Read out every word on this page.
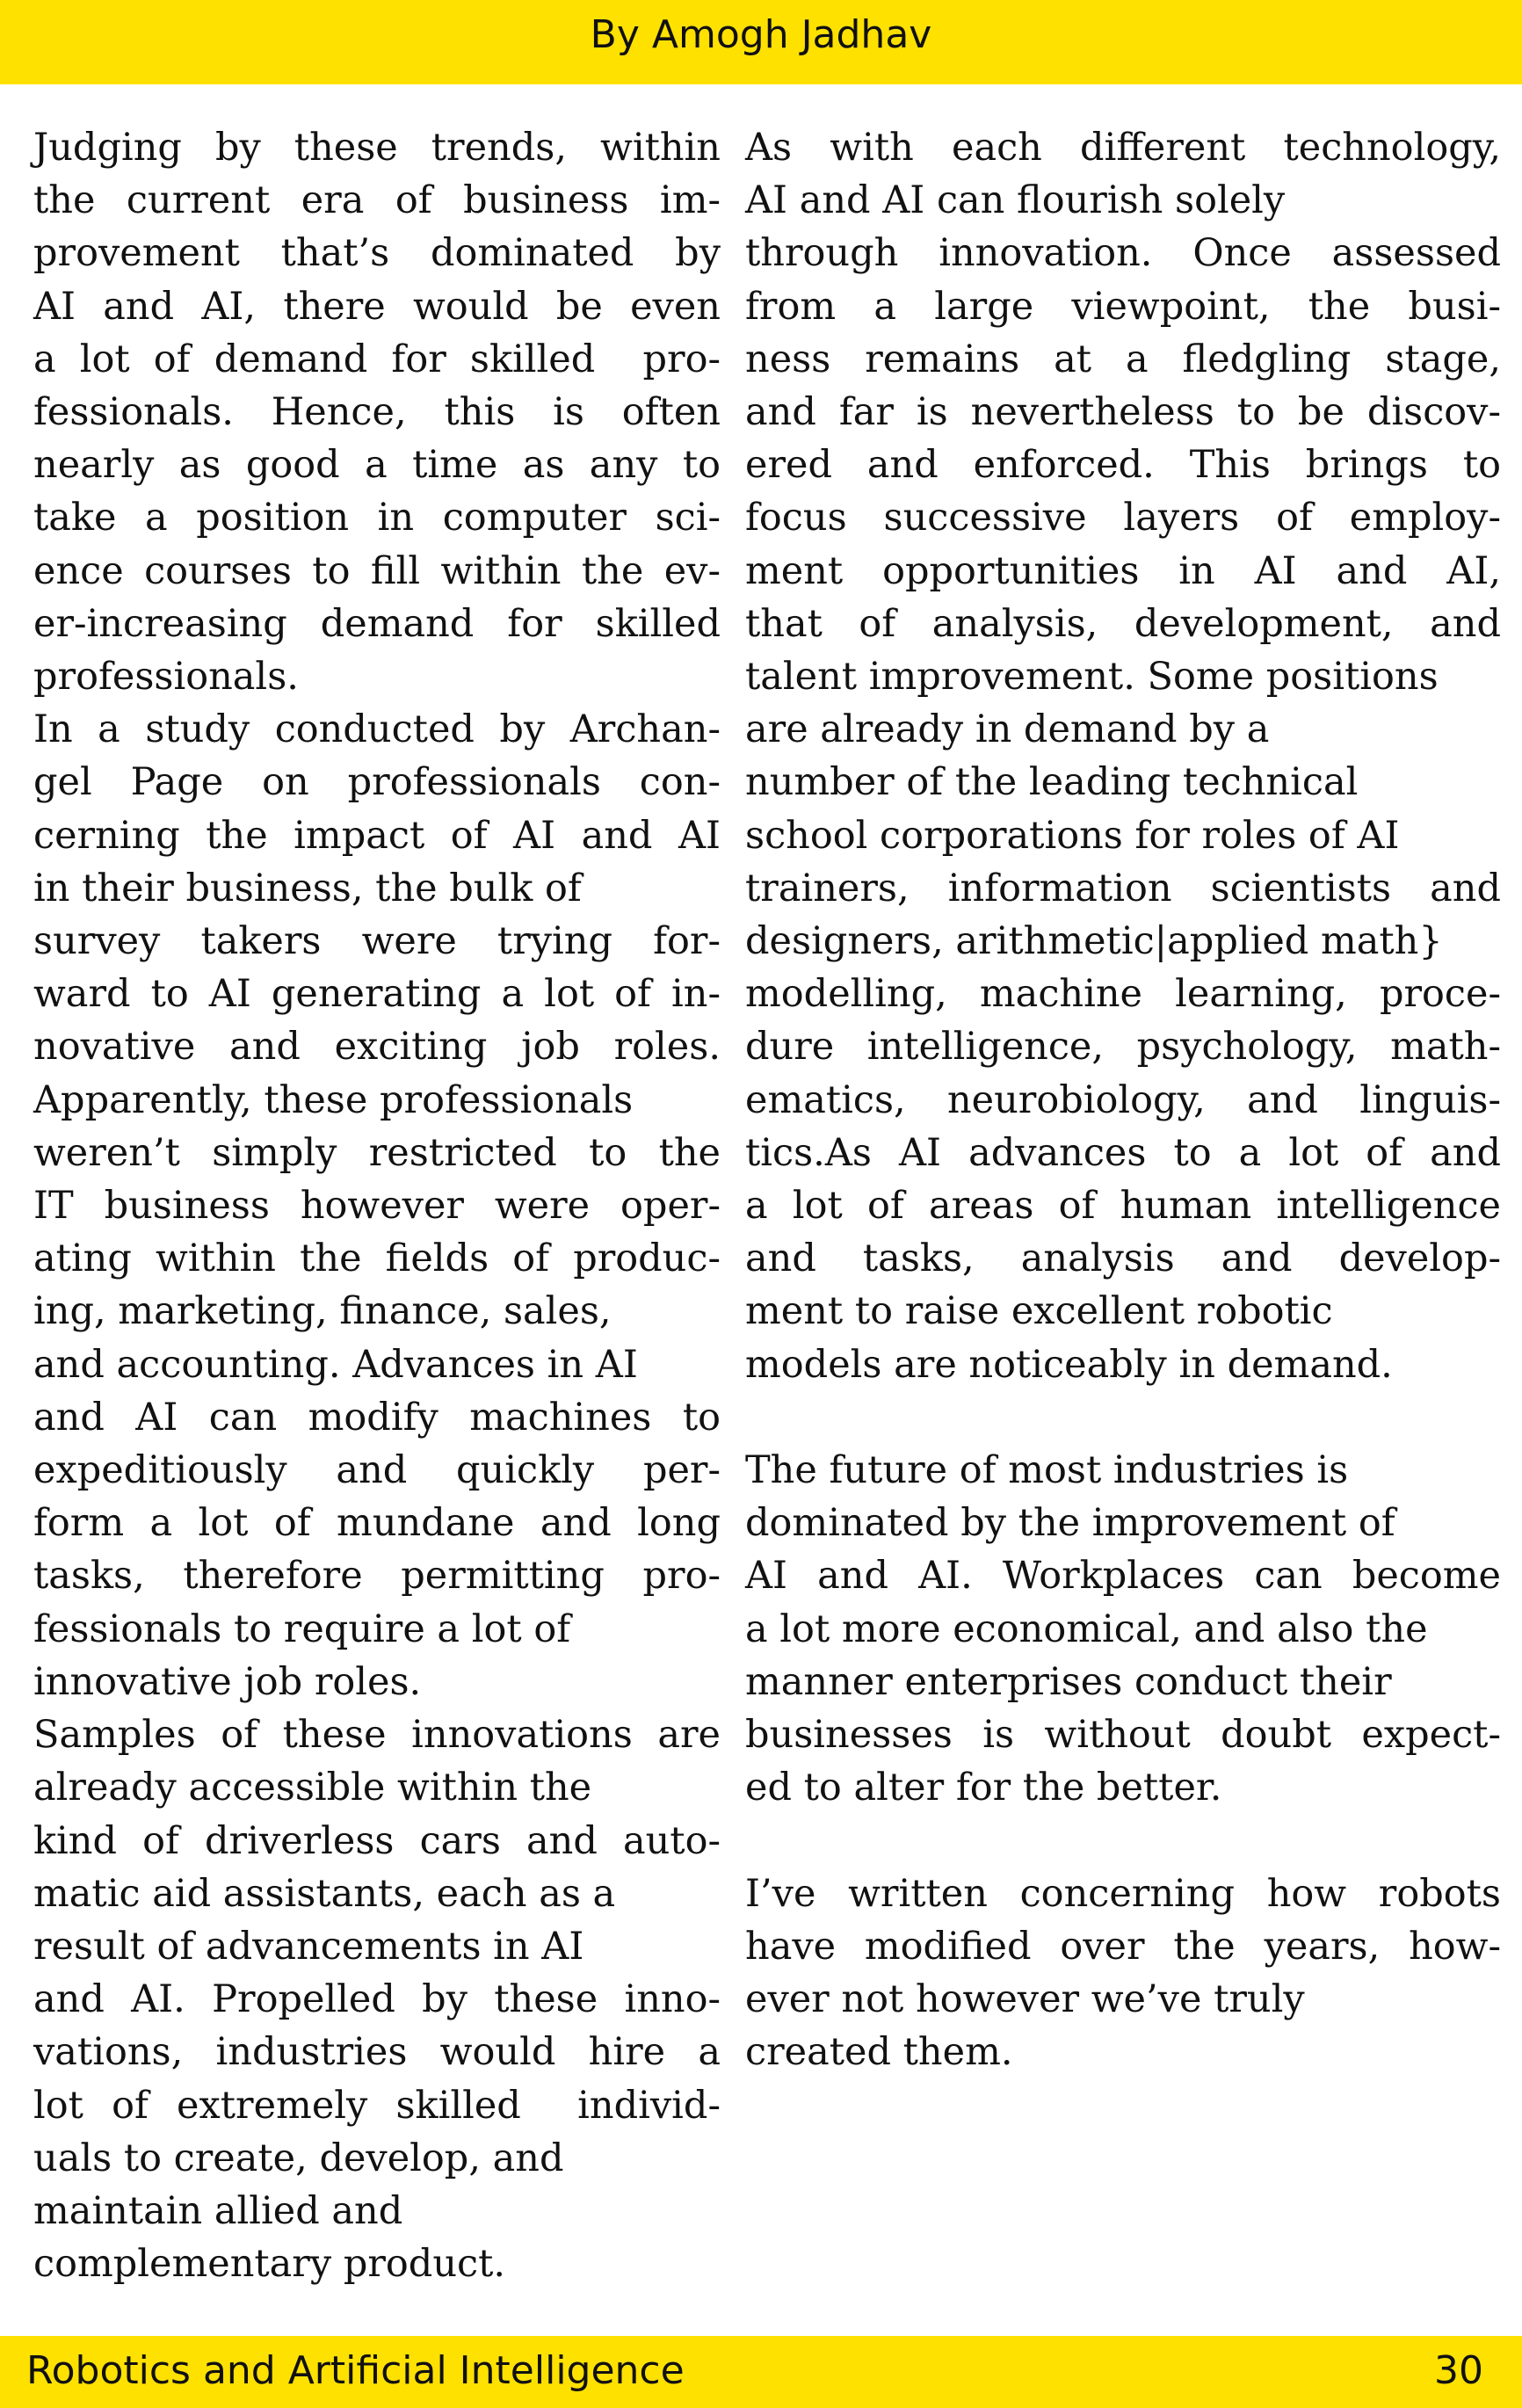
By Amogh Jadhav
Judging by these trends, within
the current era of business im-
provement that’s dominated by
AI and AI, there would be even
a lot of demand for skilled  pro-
fessionals. Hence, this is often
nearly as good a time as any to
take a position in computer sci-
ence courses to fill within the ev-
er-increasing demand for skilled
professionals.
In a study conducted by Archan-
gel Page on professionals con-
cerning the impact of AI and AI
in their business, the bulk of
survey takers were trying for-
ward to AI generating a lot of in-
novative and exciting job roles.
Apparently, these professionals
weren’t simply restricted to the
IT business however were oper-
ating within the fields of produc-
ing, marketing, finance, sales,
and accounting. Advances in AI
and AI can modify machines to
expeditiously and quickly per-
form a lot of mundane and long
tasks, therefore permitting pro-
fessionals to require a lot of
innovative job roles.
Samples of these innovations are
already accessible within the
kind of driverless cars and auto-
matic aid assistants, each as a
result of advancements in AI
and AI. Propelled by these inno-
vations, industries would hire a
lot of extremely skilled  individ-
uals to create, develop, and
maintain allied and
complementary product.
As with each different technology,
AI and AI can flourish solely
through innovation. Once assessed
from a large viewpoint, the busi-
ness remains at a fledgling stage,
and far is nevertheless to be discov-
ered and enforced. This brings to
focus successive layers of employ-
ment opportunities in AI and AI,
that of analysis, development, and
talent improvement. Some positions
are already in demand by a
number of the leading technical
school corporations for roles of AI
trainers, information scientists and
designers, arithmetic|applied math}
modelling, machine learning, proce-
dure intelligence, psychology, math-
ematics, neurobiology, and linguis-
tics.As AI advances to a lot of and
a lot of areas of human intelligence
and tasks, analysis and develop-
ment to raise excellent robotic
models are noticeably in demand.
The future of most industries is
dominated by the improvement of
AI and AI. Workplaces can become
a lot more economical, and also the
manner enterprises conduct their
businesses is without doubt expect-
ed to alter for the better.
I’ve written concerning how robots
have modified over the years, how-
ever not however we’ve truly
created them.
Robotics and Artificial Intelligence	30
